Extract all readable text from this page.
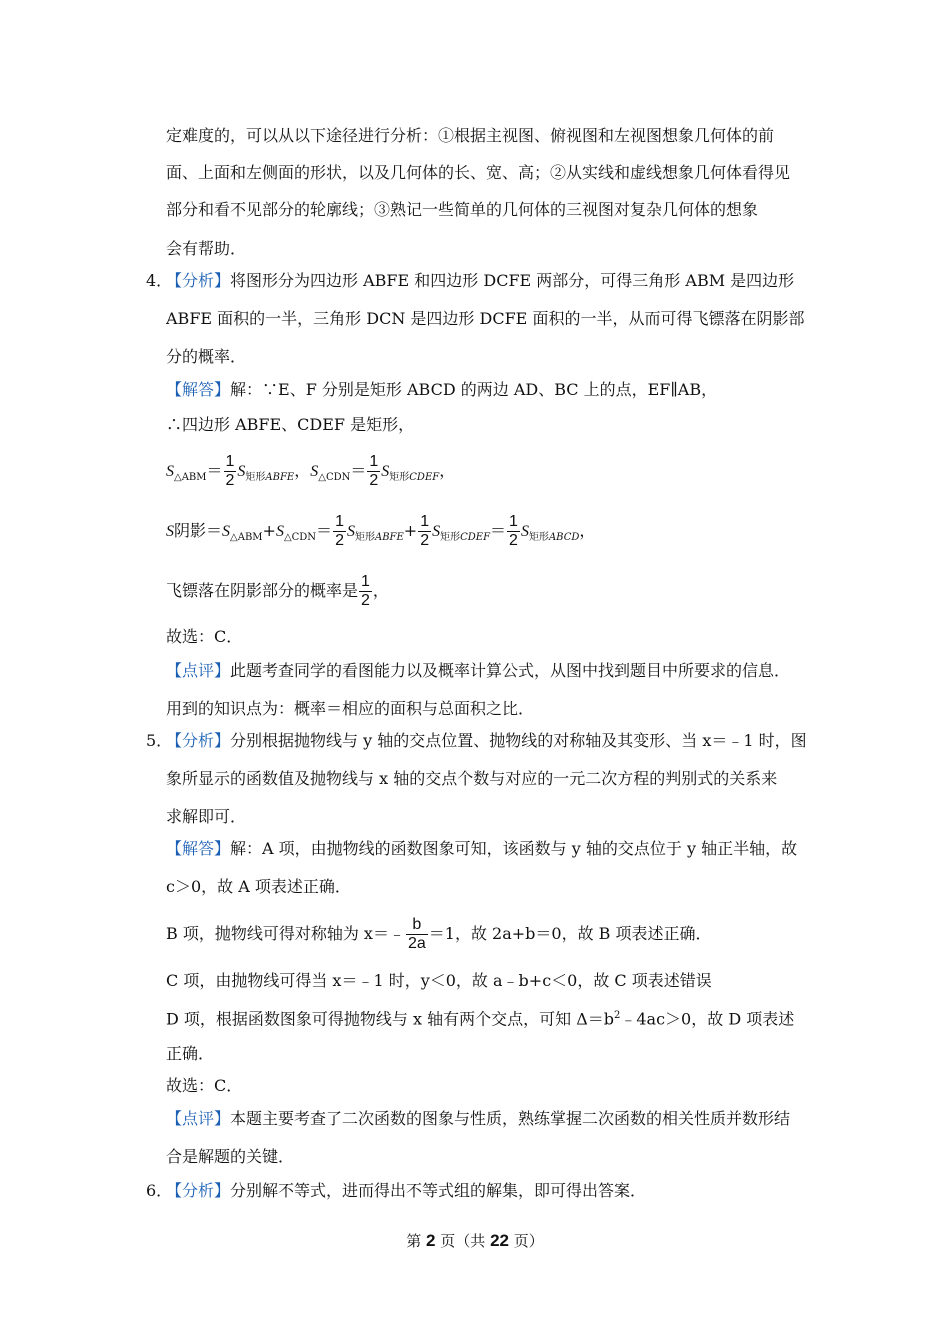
定难度的，可以从以下途径进行分析：①根据主视图、俯视图和左视图想象几何体的前
面、上面和左侧面的形状，以及几何体的长、宽、高；②从实线和虚线想象几何体看得见
部分和看不见部分的轮廓线；③熟记一些简单的几何体的三视图对复杂几何体的想象
会有帮助．
4．
【分析】将图形分为四边形 ABFE 和四边形 DCFE 两部分，可得三角形 ABM 是四边形
ABFE 面积的一半，三角形 DCN 是四边形 DCFE 面积的一半，从而可得飞镖落在阴影部
分的概率．
【解答】解：∵E、F 分别是矩形 ABCD 的两边 AD、BC 上的点，EF∥AB，
∴四边形 ABFE、CDEF 是矩形，
$S_{\triangle ABM}= \frac{1}{2} S_{矩形ABFE}$，$S_{\triangle CDN}= \frac{1}{2} S_{矩形CDEF}$，
S阴影$=S_{\triangle ABM}+S_{\triangle CDN}= \frac{1}{2} S_{矩形ABFE}+ \frac{1}{2} S_{矩形CDEF}= \frac{1}{2} S_{矩形ABCD}$，
飞镖落在阴影部分的概率是 $\frac{1}{2}$ ，
故选：C．
【点评】此题考查同学的看图能力以及概率计算公式，从图中找到题目中所要求的信息．
用到的知识点为：概率＝相应的面积与总面积之比．
5．
【分析】分别根据抛物线与 y 轴的交点位置、抛物线的对称轴及其变形、当 x＝﹣1 时，图
象所显示的函数值及抛物线与 x 轴的交点个数与对应的一元二次方程的判别式的关系来
求解即可．
【解答】解：A 项，由抛物线的函数图象可知，该函数与 y 轴的交点位于 y 轴正半轴，故
c＞0，故 A 项表述正确．
B 项，抛物线可得对称轴为 x＝﹣ $\frac{b}{2a} =1$，故 2a+b＝0，故 B 项表述正确．
C 项，由抛物线可得当 x＝﹣1 时，y＜0，故 a﹣b+c＜0，故 C 项表述错误
D 项，根据函数图象可得抛物线与 x 轴有两个交点，可知 $\Delta=b^2﹣4ac>0$，故 D 项表述
正确．
故选：C．
【点评】本题主要考查了二次函数的图象与性质，熟练掌握二次函数的相关性质并数形结
合是解题的关键．
6．
【分析】分别解不等式，进而得出不等式组的解集，即可得出答案．
第 2 页（共 22 页）
